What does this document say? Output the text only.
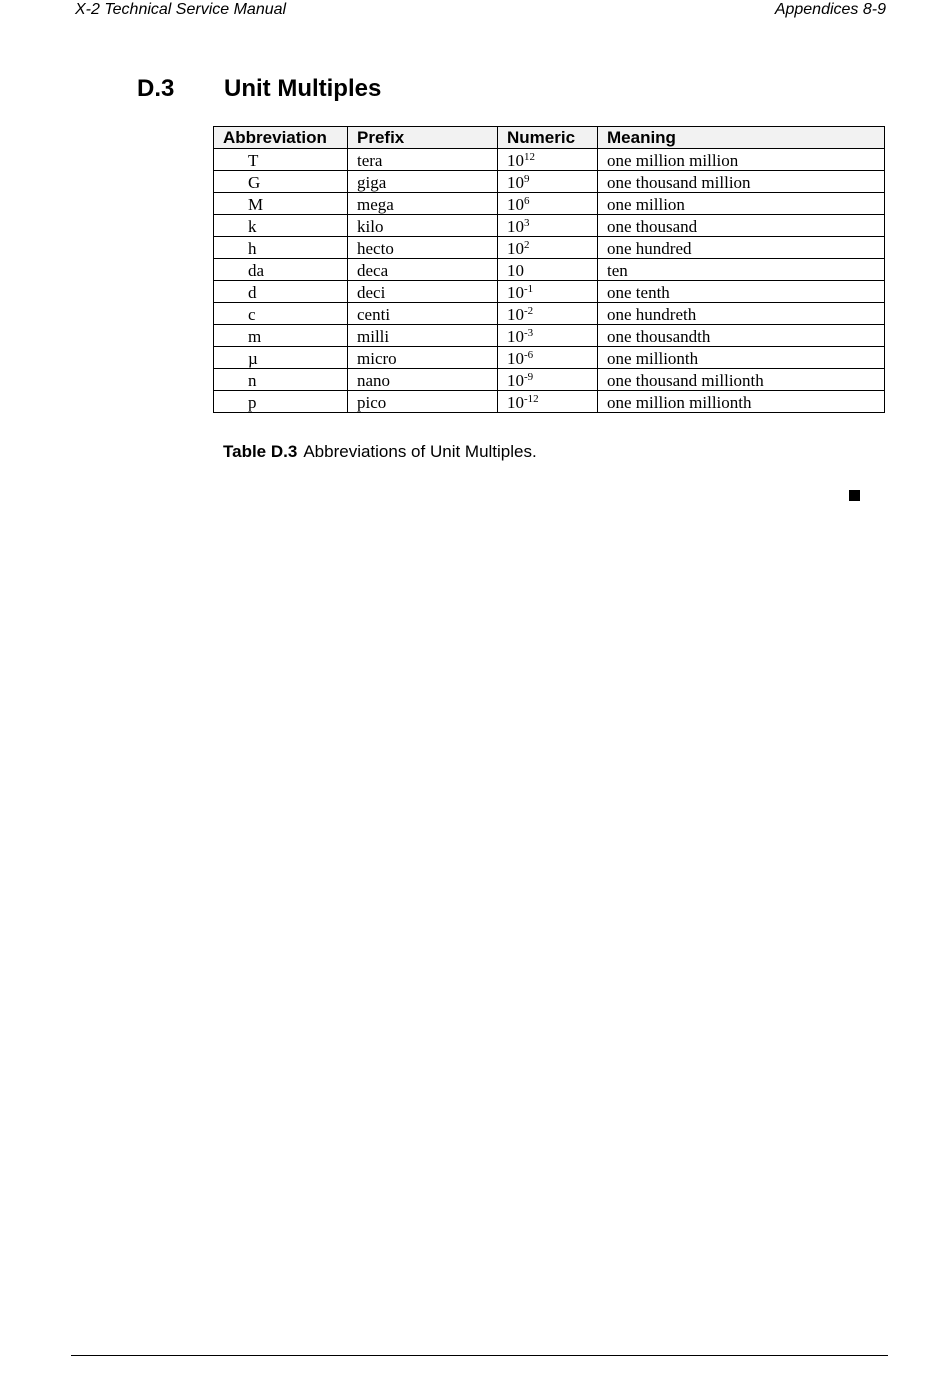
X-2 Technical Service Manual	Appendices 8-9
D.3 Unit Multiples
Abbreviation	Prefix	Numeric	Meaning
T	tera	$10^{12}$	one million million
G	giga	$10^9$	one thousand million
M	mega	$10^6$	one million
k	kilo	$10^3$	one thousand
h	hecto	$10^2$	one hundred
da	deca	10	ten
d	deci	$10^{-1}$	one tenth
c	centi	$10^{-2}$	one hundreth
m	milli	$10^{-3}$	one thousandth
µ	micro	$10^{-6}$	one millionth
n	nano	$10^{-9}$	one thousand millionth
p	pico	$10^{-12}$	one million millionth
Table D.3 Abbreviations of Unit Multiples.
